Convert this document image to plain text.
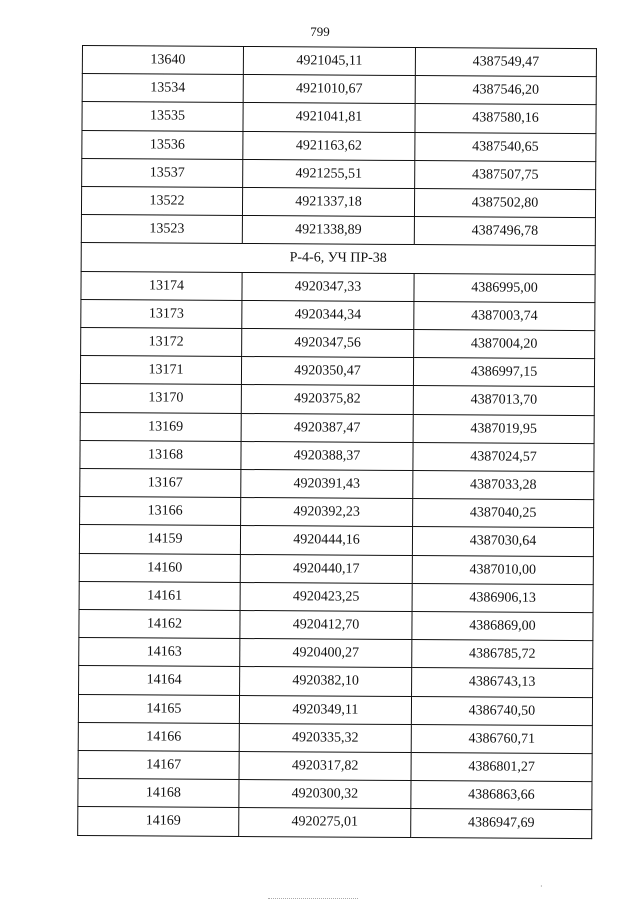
799
13640	4921045,11	4387549,47
13534	4921010,67	4387546,20
13535	4921041,81	4387580,16
13536	4921163,62	4387540,65
13537	4921255,51	4387507,75
13522	4921337,18	4387502,80
13523	4921338,89	4387496,78
Р-4-6, УЧ ПР-38		
13174	4920347,33	4386995,00
13173	4920344,34	4387003,74
13172	4920347,56	4387004,20
13171	4920350,47	4386997,15
13170	4920375,82	4387013,70
13169	4920387,47	4387019,95
13168	4920388,37	4387024,57
13167	4920391,43	4387033,28
13166	4920392,23	4387040,25
14159	4920444,16	4387030,64
14160	4920440,17	4387010,00
14161	4920423,25	4386906,13
14162	4920412,70	4386869,00
14163	4920400,27	4386785,72
14164	4920382,10	4386743,13
14165	4920349,11	4386740,50
14166	4920335,32	4386760,71
14167	4920317,82	4386801,27
14168	4920300,32	4386863,66
14169	4920275,01	4386947,69
·
